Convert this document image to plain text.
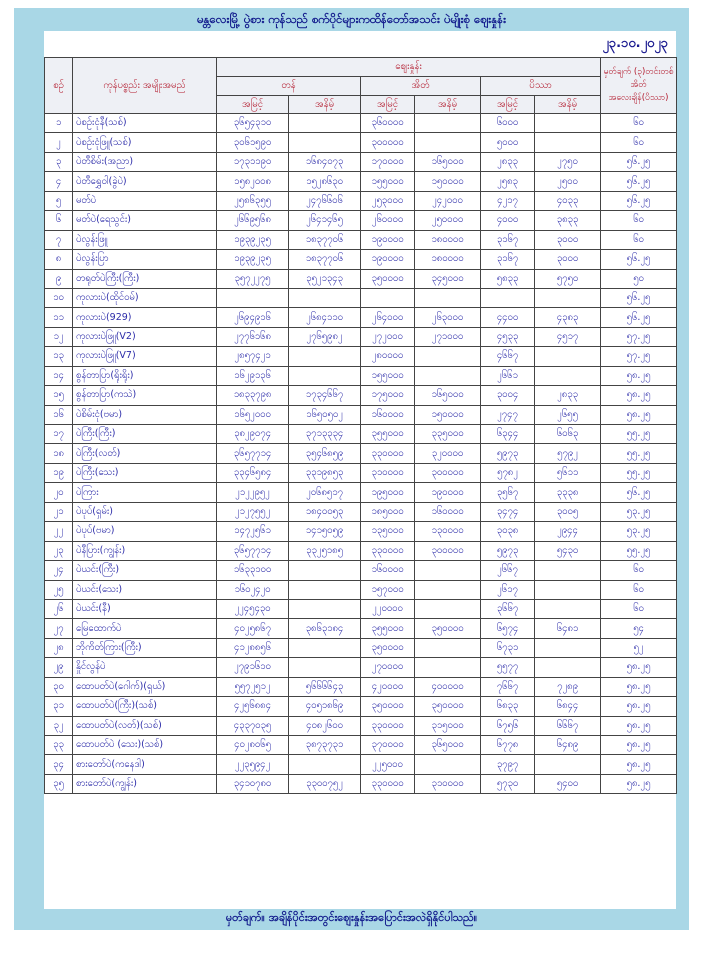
မန္တလေးမြို့ ပွဲစား ကုန်သည် စက်ပိုင်များကထိန်တော်အသင်း ပဲမျိုးစုံ ဈေးနှုန်း
၂၃.၁၀.၂၀၂၃
စဉ်	ကုန်ပစ္စည်း အမျိုးအမည်	ဈေးနှုန်း						မှတ်ချက် (၃)တင်းတစ်အိတ် အလေးချိန်(ပိဿာ)
		တန်		အိတ်		ပိဿာ		
		အမြင့်	အနိမ့်	အမြင့်	အနိမ့်	အမြင့်	အနိမ့်	
၁	ပဲစဉ်းငုံနီ(သစ်)	၃၆၅၄၃၁၀		၃၆၀၀၀၀		၆၀၀၀		၆၀
၂	ပဲစဉ်းငုံဖြူ(သစ်)	၃၀၆၁၅၉၀		၃၀၀၀၀၀		၅၀၀၀		၆၀
၃	ပဲတီစိမ်း(အညာ)	၁၇၃၁၁၉၀	၁၆၈၄၀၇၃	၁၇၀၀၀၀	၁၆၅၀၀၀	၂၈၃၃	၂၇၅၀	၅၆.၂၅
၄	ပဲတီရွှေဝါ(ခွဲပဲ)	၁၅၈၂၀၀၈	၁၅၂၈၆၃၀	၁၅၅၀၀၀	၁၅၀၀၀၀	၂၅၈၃	၂၅၀၀	၅၆.၂၅
၅	မတ်ပဲ	၂၅၈၆၃၅၅	၂၄၇၆၆၀၆	၂၅၃၀၀၀	၂၄၂၀၀၀	၄၂၁၇	၄၀၃၃	၅၆.၂၅
၆	မတ်ပဲ(ရေသွင်း)	၂၆၆၉၅၆၈	၂၆၄၁၄၆၅	၂၆၀၀၀၀	၂၅၀၀၀၀	၄၀၀၀	၃၈၃၃	၆၀
၇	ပဲလွန်းဖြူ	၁၉၃၉၂၃၅	၁၈၃၇၇၀၆	၁၉၀၀၀၀	၁၈၀၀၀၀	၃၁၆၇	၃၀၀၀	၆၀
၈	ပဲလွန်းပြာ	၁၉၃၉၂၃၅	၁၈၃၇၇၀၆	၁၉၀၀၀၀	၁၈၀၀၀၀	၃၁၆၇	၃၀၀၀	၅၆.၂၅
၉	တရုတ်ပဲကြီး(ကြီး)	၃၅၇၂၂၇၅	၃၅၂၁၃၄၃	၃၅၀၀၀၀	၃၄၅၀၀၀	၅၈၃၃	၅၇၅၀	၅၀
၁၀	ကုလားပဲ(ထိုင်ဝမ်)							၅၆.၂၅
၁၁	ကုလားပဲ(929)	၂၆၉၄၉၁၆	၂၆၈၄၁၁၀	၂၆၄၀၀၀	၂၆၃၀၀၀	၄၄၀၀	၄၃၈၃	၅၆.၂၅
၁၂	ကုလားပဲဖြူ(V2)	၂၇၇၆၁၆၈	၂၇၆၅၉၈၂	၂၇၂၀၀၀	၂၇၁၀၀၀	၄၅၃၃	၄၅၁၇	၅၇.၂၅
၁၃	ကုလားပဲဖြူ(V7)	၂၈၅၇၄၂၁		၂၈၀၀၀၀		၄၆၆၇		၅၇.၂၅
၁၄	စွန်တာပြာ(ရိုးရိုး)	၁၆၂၉၁၃၆		၁၅၅၀၀၀		၂၆၆၁		၅၈.၂၅
၁၅	စွန်တာပြာ(ကသဲ)	၁၈၃၃၇၉၈	၁၇၃၄၆၆၇	၁၇၅၀၀၀	၁၆၅၀၀၀	၃၀၀၄	၂၈၃၃	၅၈.၂၅
၁၆	ပဲစိမ်းငုံ(ဗမာ)	၁၆၅၂၀၀၀	၁၆၅၀၅၀၂	၁၆၀၀၀၀	၁၅၀၀၀၀	၂၇၄၇	၂၆၅၅	၅၈.၂၅
၁၇	ပဲကြီး(ကြီး)	၃၈၂၉၀၇၄	၃၇၁၃၃၃၄	၃၅၅၀၀၀	၃၃၅၀၀၀	၆၃၄၄	၆၀၆၃	၅၅.၂၅
၁၈	ပဲကြီး(လတ်)	၃၆၅၇၇၁၄	၃၅၄၆၈၅၉	၃၃၀၀၀၀	၃၂၀၀၀၀	၅၉၇၃	၅၇၉၂	၅၅.၂၅
၁၉	ပဲကြီး(သေး)	၃၃၄၆၅၈၄	၃၃၁၉၈၅၃	၃၁၀၀၀၀	၃၀၀၀၀၀	၅၇၈၂	၅၆၁၁	၅၅.၂၅
၂၀	ပဲကြား	၂၁၂၂၉၅၂	၂၀၆၈၅၁၇	၁၉၅၀၀၀	၁၉၀၀၀၀	၃၅၆၇	၃၃၃၈	၅၆.၂၅
၂၁	ပဲပုပ်(ရှမ်း)	၂၁၂၇၅၅၂	၁၈၄၀၀၅၃	၁၈၅၀၀၀	၁၆၀၀၀၀	၃၄၇၄	၃၀၀၅	၅၃.၂၅
၂၂	ပဲပုပ်(ဗမာ)	၁၄၇၂၅၆၁	၁၄၁၅၀၅၉	၁၃၅၀၀၀	၁၃၀၀၀၀	၃၀၃၈	၂၉၄၄	၅၃.၂၅
၂၃	ပဲနီပြား(ကျွန်း)	၃၆၅၇၇၁၄	၃၃၂၅၁၈၅	၃၃၀၀၀၀	၃၀၀၀၀၀	၅၉၇၃	၅၄၃၀	၅၅.၂၅
၂၄	ပဲယင်း(ကြီး)	၁၆၃၃၁၀၀		၁၆၀၀၀၀		၂၆၆၇		၆၀
၂၅	ပဲယင်း(သေး)	၁၆၀၂၄၂၀		၁၅၇၀၀၀		၂၆၁၇		၆၀
၂၆	ပဲယင်း(နီ)	၂၂၄၅၄၃၀		၂၂၀၀၀၀		၃၆၆၇		၆၀
၂၇	မြေထောက်ပဲ	၄၀၂၅၈၆၇	၃၈၆၃၁၈၄	၃၅၅၀၀၀	၃၅၀၀၀၀	၆၅၇၄	၆၄၈၁	၅၄
၂၈	ဘိုကိတ်ကြား(ကြီး)	၄၁၂၈၈၅၆		၃၅၀၀၀၀		၆၇၃၁		၅၂
၂၉	နှိုင်လွန်ပဲ	၂၇၉၁၆၁၀		၂၇၀၀၀၀		၅၅၇၇		၅၈.၂၅
၃၀	ထောပတ်ပဲ(ဂေါက်)(ရှယ်)	၅၅၇၂၅၁၂	၅၆၆၆၆၄၃	၄၂၀၀၀၀	၄၀၀၀၀၀	၇၆၆၇	၇၂၈၉	၅၈.၂၅
၃၁	ထောပတ်ပဲ(ကြီး)(သစ်)	၄၂၅၆၈၈၄	၄၀၅၁၈၆၉	၃၅၀၀၀၀	၃၅၀၀၀၀	၆၈၃၃	၆၈၄၄	၅၈.၂၅
၃၂	ထောပတ်ပဲ(လတ်)(သစ်)	၄၃၃၇၀၃၅	၄၀၈၂၆၀၀	၃၃၀၀၀၀	၃၁၅၀၀၀	၆၇၅၆	၆၆၆၇	၅၈.၂၅
၃၃	ထောပတ်ပဲ (သေး)(သစ်)	၄၀၂၈၀၆၅	၃၈၇၃၇၃၁	၃၇၀၀၀၀	၃၆၅၀၀၀	၆၇၇၈	၆၄၈၉	၅၈.၂၅
၃၄	စားတော်ပဲ(ကနေဒါ)	၂၂၃၅၉၄၂		၂၂၅၀၀၀		၃၇၉၇		၅၈.၂၅
၃၅	စားတော်ပဲ(ကျွန်း)	၃၄၁၀၇၈၀	၃၃၀၀၇၅၂	၃၃၀၀၀၀	၃၁၀၀၀၀	၅၇၃၀	၅၄၀၀	၅၈.၂၅
မှတ်ချက်။ အချိန်ပိုင်းအတွင်းဈေးနှုန်းအပြောင်းအလဲရှိနိုင်ပါသည်။
